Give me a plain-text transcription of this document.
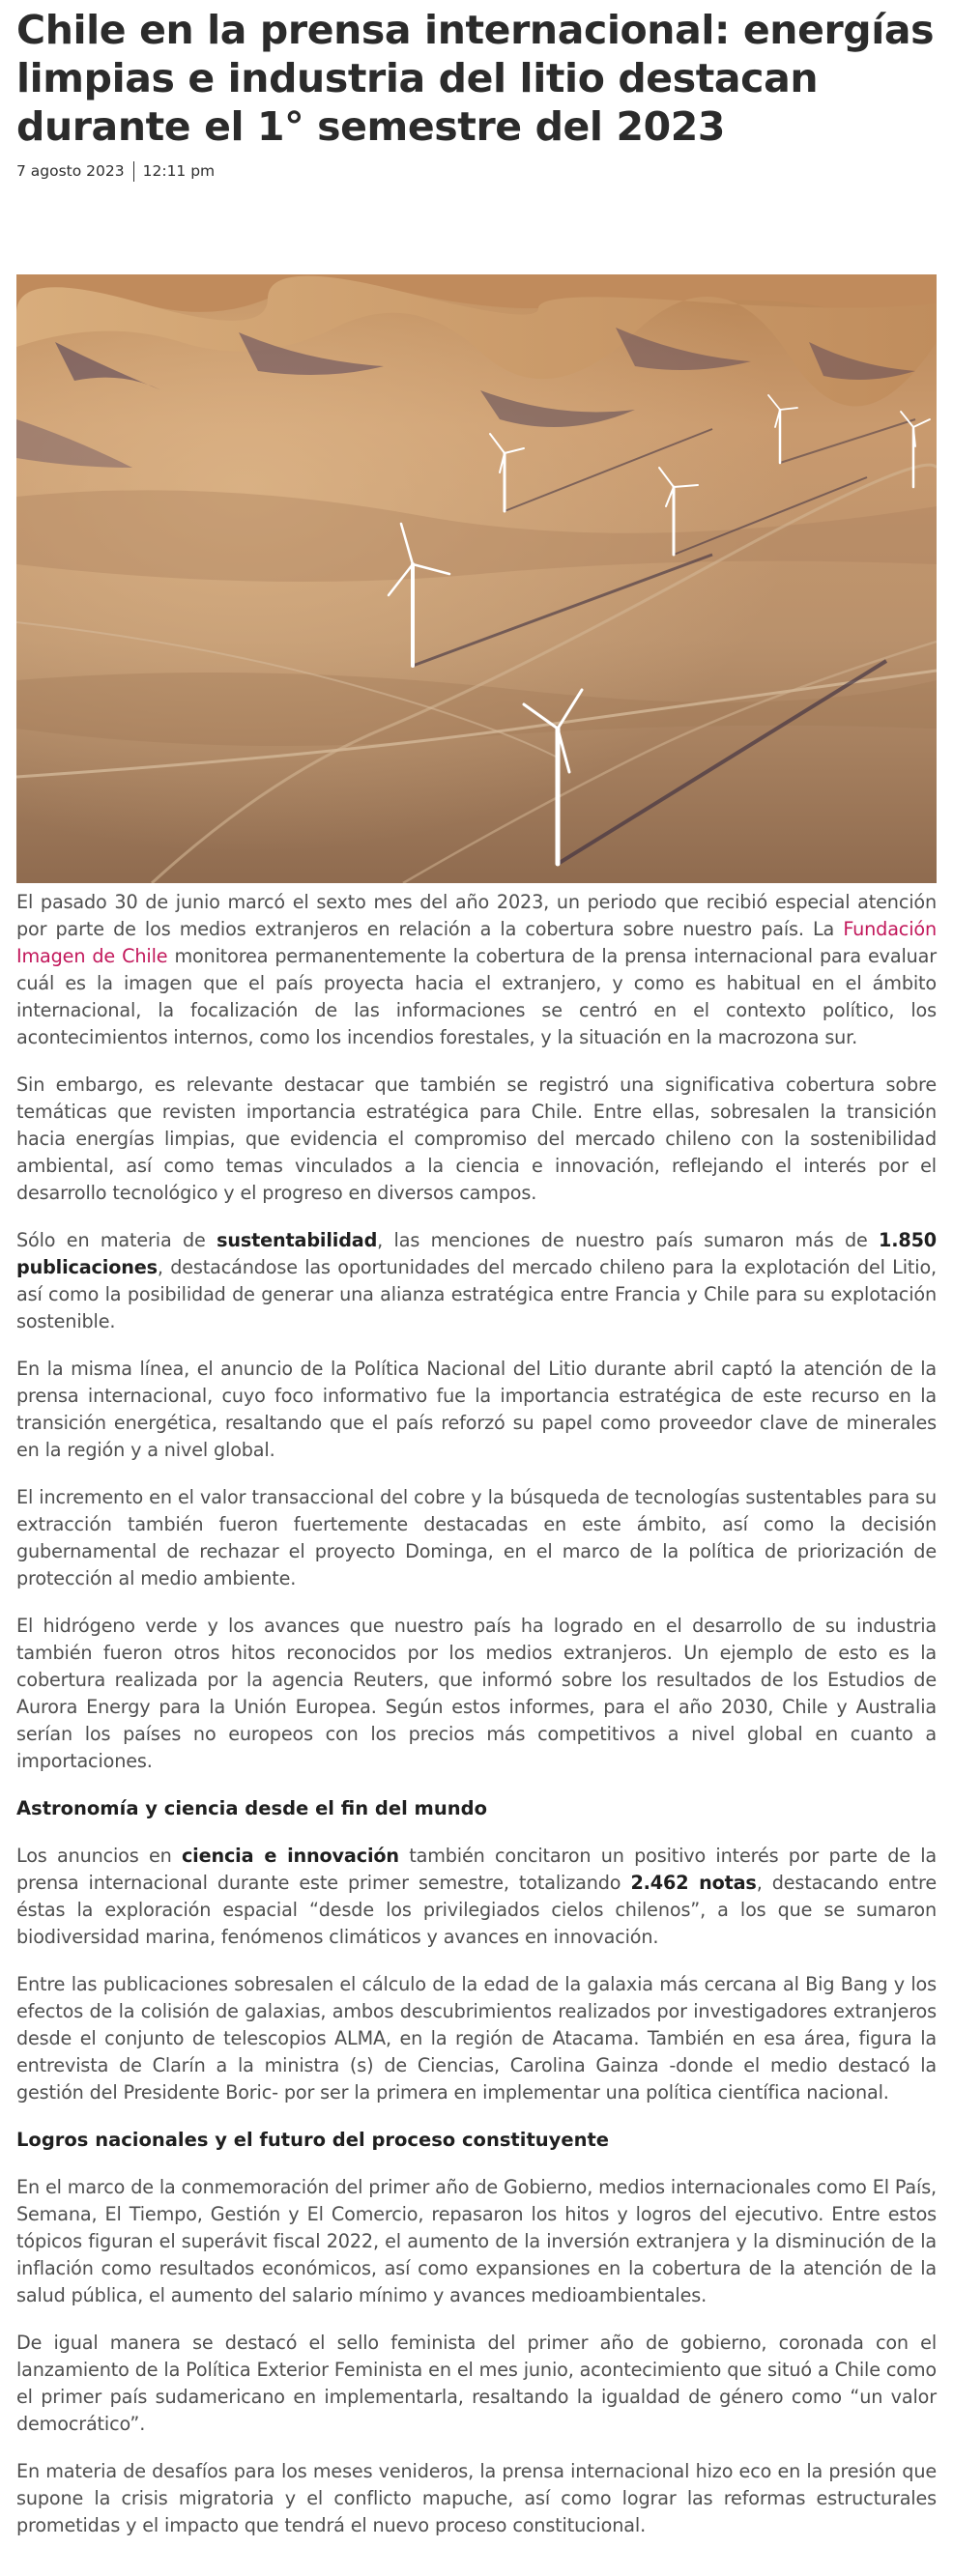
Chile en la prensa internacional: energías limpias e industria del litio destacan durante el 1° semestre del 2023
7 agosto 2023 12:11 pm

El pasado 30 de junio marcó el sexto mes del año 2023, un periodo que recibió especial atención por parte de los medios extranjeros en relación a la cobertura sobre nuestro país. La Fundación Imagen de Chile monitorea permanentemente la cobertura de la prensa internacional para evaluar cuál es la imagen que el país proyecta hacia el extranjero, y como es habitual en el ámbito internacional, la focalización de las informaciones se centró en el contexto político, los acontecimientos internos, como los incendios forestales, y la situación en la macrozona sur.

Sin embargo, es relevante destacar que también se registró una significativa cobertura sobre temáticas que revisten importancia estratégica para Chile. Entre ellas, sobresalen la transición hacia energías limpias, que evidencia el compromiso del mercado chileno con la sostenibilidad ambiental, así como temas vinculados a la ciencia e innovación, reflejando el interés por el desarrollo tecnológico y el progreso en diversos campos.

Sólo en materia de sustentabilidad, las menciones de nuestro país sumaron más de 1.850 publicaciones, destacándose las oportunidades del mercado chileno para la explotación del Litio, así como la posibilidad de generar una alianza estratégica entre Francia y Chile para su explotación sostenible.

En la misma línea, el anuncio de la Política Nacional del Litio durante abril captó la atención de la prensa internacional, cuyo foco informativo fue la importancia estratégica de este recurso en la transición energética, resaltando que el país reforzó su papel como proveedor clave de minerales en la región y a nivel global.

El incremento en el valor transaccional del cobre y la búsqueda de tecnologías sustentables para su extracción también fueron fuertemente destacadas en este ámbito, así como la decisión gubernamental de rechazar el proyecto Dominga, en el marco de la política de priorización de protección al medio ambiente.

El hidrógeno verde y los avances que nuestro país ha logrado en el desarrollo de su industria también fueron otros hitos reconocidos por los medios extranjeros. Un ejemplo de esto es la cobertura realizada por la agencia Reuters, que informó sobre los resultados de los Estudios de Aurora Energy para la Unión Europea. Según estos informes, para el año 2030, Chile y Australia serían los países no europeos con los precios más competitivos a nivel global en cuanto a importaciones.

Astronomía y ciencia desde el fin del mundo

Los anuncios en ciencia e innovación también concitaron un positivo interés por parte de la prensa internacional durante este primer semestre, totalizando 2.462 notas, destacando entre éstas la exploración espacial “desde los privilegiados cielos chilenos”, a los que se sumaron biodiversidad marina, fenómenos climáticos y avances en innovación.

Entre las publicaciones sobresalen el cálculo de la edad de la galaxia más cercana al Big Bang y los efectos de la colisión de galaxias, ambos descubrimientos realizados por investigadores extranjeros desde el conjunto de telescopios ALMA, en la región de Atacama. También en esa área, figura la entrevista de Clarín a la ministra (s) de Ciencias, Carolina Gainza -donde el medio destacó la gestión del Presidente Boric- por ser la primera en implementar una política científica nacional.

Logros nacionales y el futuro del proceso constituyente

En el marco de la conmemoración del primer año de Gobierno, medios internacionales como El País, Semana, El Tiempo, Gestión y El Comercio, repasaron los hitos y logros del ejecutivo. Entre estos tópicos figuran el superávit fiscal 2022, el aumento de la inversión extranjera y la disminución de la inflación como resultados económicos, así como expansiones en la cobertura de la atención de la salud pública, el aumento del salario mínimo y avances medioambientales.

De igual manera se destacó el sello feminista del primer año de gobierno, coronada con el lanzamiento de la Política Exterior Feminista en el mes junio, acontecimiento que situó a Chile como el primer país sudamericano en implementarla, resaltando la igualdad de género como “un valor democrático”.

En materia de desafíos para los meses venideros, la prensa internacional hizo eco en la presión que supone la crisis migratoria y el conflicto mapuche, así como lograr las reformas estructurales prometidas y el impacto que tendrá el nuevo proceso constitucional.
